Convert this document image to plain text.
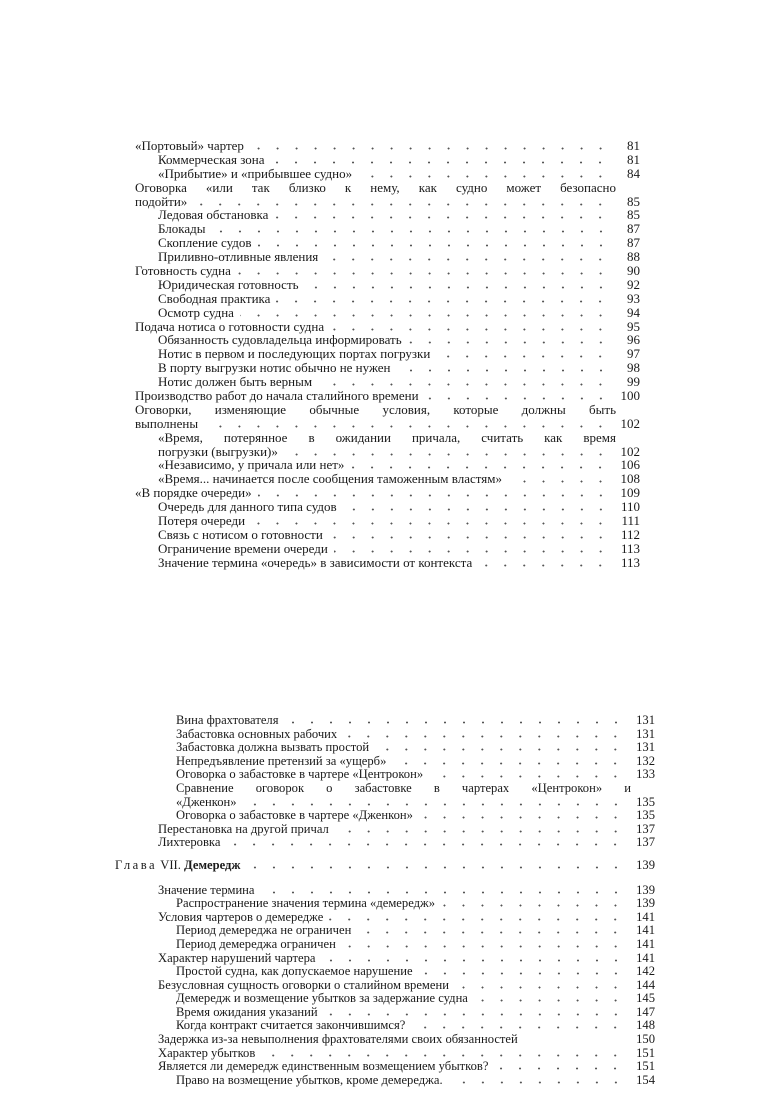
«Портовый» чартер	81
Коммерческая зона	81
«Прибытие» и «прибывшее судно»	84
Оговорка «или так близко к нему, как судно может безопасно
подойти»	85
Ледовая обстановка	85
Блокады	87
Скопление судов	87
Приливно-отливные явления	88
Готовность судна	90
Юридическая готовность	92
Свободная практика	93
Осмотр судна	94
Подача нотиса о готовности судна	95
Обязанность судовладельца информировать	96
Нотис в первом и последующих портах погрузки	97
В порту выгрузки нотис обычно не нужен	98
Нотис должен быть верным	99
Производство работ до начала сталийного времени	100
Оговорки, изменяющие обычные условия, которые должны быть
выполнены	102
«Время, потерянное в ожидании причала, считать как время
погрузки (выгрузки)»	102
«Независимо, у причала или нет»	106
«Время... начинается после сообщения таможенным властям»	108
«В порядке очереди»	109
Очередь для данного типа судов	110
Потеря очереди	111
Связь с нотисом о готовности	112
Ограничение времени очереди	113
Значение термина «очередь» в зависимости от контекста	113
Вина фрахтователя	131
Забастовка основных рабочих	131
Забастовка должна вызвать простой	131
Непредъявление претензий за «ущерб»	132
Оговорка о забастовке в чартере «Центрокон»	133
Сравнение оговорок о забастовке в чартерах «Центрокон» и
«Дженкон»	135
Оговорка о забастовке в чартере «Дженкон»	135
Перестановка на другой причал	137
Лихтеровка	137
Глава VII. Демередж	139
Значение термина	139
Распространение значения термина «демередж»	139
Условия чартеров о демередже	141
Период демереджа не ограничен	141
Период демереджа ограничен	141
Характер нарушений чартера	141
Простой судна, как допускаемое нарушение	142
Безусловная сущность оговорки о сталийном времени	144
Демередж и возмещение убытков за задержание судна	145
Время ожидания указаний	147
Когда контракт считается закончившимся?	148
Задержка из-за невыполнения фрахтователями своих обязанностей	150
Характер убытков	151
Является ли демередж единственным возмещением убытков?	151
Право на возмещение убытков, кроме демереджа.	154
